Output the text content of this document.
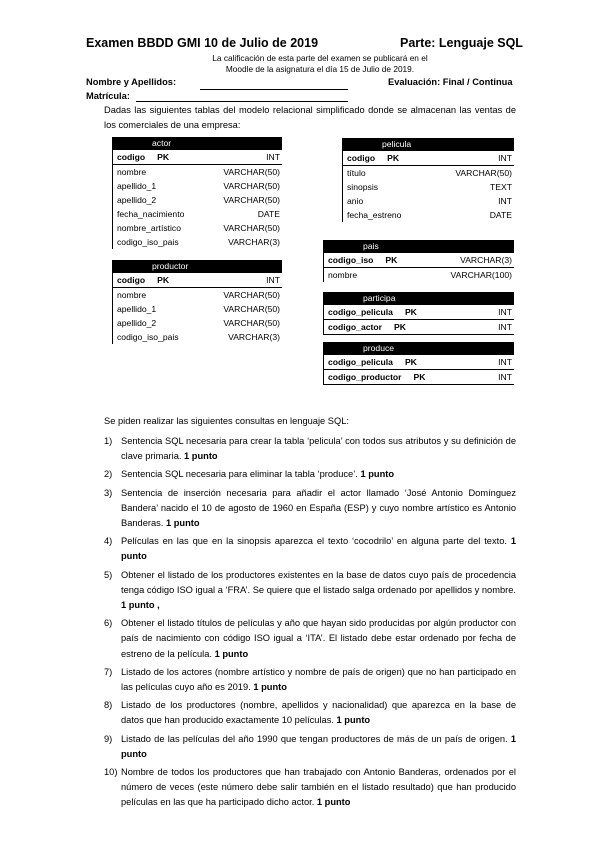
Examen BBDD GMI 10 de Julio de 2019	Parte: Lenguaje SQL
La calificación de esta parte del examen se publicará en el
Moodle de la asignatura el día 15 de Julio de 2019.
Nombre y Apellidos:	Evaluación: Final / Continua
Matrícula:
Dadas las siguientes tablas del modelo relacional simplificado donde se almacenan las ventas de los comerciales de una empresa:
actor
codigo PK	INT
nombre	VARCHAR(50)
apellido_1	VARCHAR(50)
apellido_2	VARCHAR(50)
fecha_nacimiento	DATE
nombre_artístico	VARCHAR(50)
codigo_iso_pais	VARCHAR(3)
productor
codigo PK	INT
nombre	VARCHAR(50)
apellido_1	VARCHAR(50)
apellido_2	VARCHAR(50)
codigo_iso_pais	VARCHAR(3)
pelicula
codigo PK	INT
título	VARCHAR(50)
sinopsis	TEXT
anio	INT
fecha_estreno	DATE
pais
codigo_iso PK	VARCHAR(3)
nombre	VARCHAR(100)
participa
codigo_pelicula PK	INT
codigo_actor PK	INT
produce
codigo_pelicula PK	INT
codigo_productor PK	INT
Se piden realizar las siguientes consultas en lenguaje SQL:
1) Sentencia SQL necesaria para crear la tabla ‘pelicula’ con todos sus atributos y su definición de clave primaria. 1 punto
2) Sentencia SQL necesaria para eliminar la tabla ‘produce’. 1 punto
3) Sentencia de inserción necesaria para añadir el actor llamado ‘José Antonio Domínguez Bandera’ nacido el 10 de agosto de 1960 en España (ESP) y cuyo nombre artístico es Antonio Banderas. 1 punto
4) Películas en las que en la sinopsis aparezca el texto ‘cocodrilo’ en alguna parte del texto. 1 punto
5) Obtener el listado de los productores existentes en la base de datos cuyo país de procedencia tenga código ISO igual a ‘FRA’. Se quiere que el listado salga ordenado por apellidos y nombre. 1 punto ,
6) Obtener el listado títulos de películas y año que hayan sido producidas por algún productor con país de nacimiento con código ISO igual a ‘ITA’. El listado debe estar ordenado por fecha de estreno de la película. 1 punto
7) Listado de los actores (nombre artístico y nombre de país de origen) que no han participado en las películas cuyo año es 2019. 1 punto
8) Listado de los productores (nombre, apellidos y nacionalidad) que aparezca en la base de datos que han producido exactamente 10 películas. 1 punto
9) Listado de las películas del año 1990 que tengan productores de más de un país de origen. 1 punto
10) Nombre de todos los productores que han trabajado con Antonio Banderas, ordenados por el número de veces (este número debe salir también en el listado resultado) que han producido películas en las que ha participado dicho actor. 1 punto
